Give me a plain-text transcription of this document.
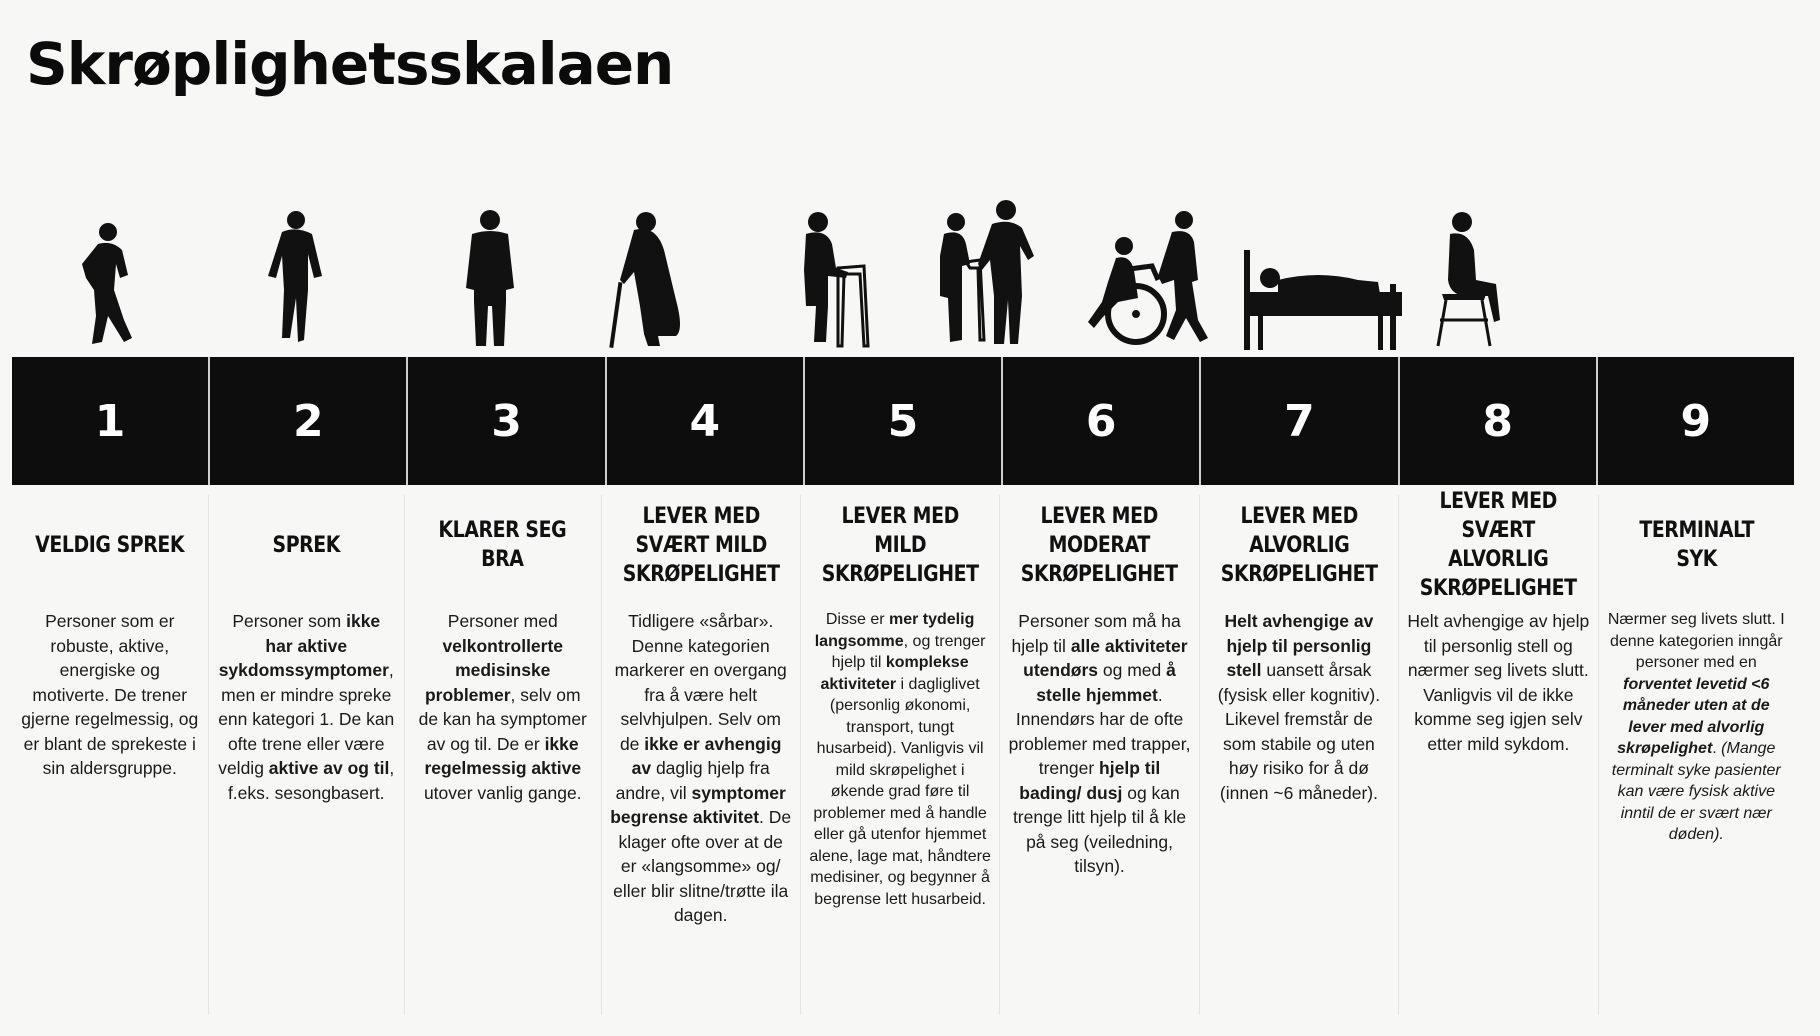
Skrøplighetsskalaen
1	2	3	4	5	6	7	8	9
VELDIG SPREK
Personer som er robuste, aktive, energiske og motiverte. De trener gjerne regelmessig, og er blant de sprekeste i sin aldersgruppe.
SPREK
Personer som ikke har aktive sykdomssymptomer, men er mindre spreke enn kategori 1. De kan ofte trene eller være veldig aktive av og til, f.eks. sesongbasert.
KLARER SEG
BRA
Personer med velkontrollerte medisinske problemer, selv om de kan ha symptomer av og til. De er ikke regelmessig aktive utover vanlig gange.
LEVER MED
SVÆRT MILD
SKRØPELIGHET
Tidligere «sårbar». Denne kategorien markerer en overgang fra å være helt selvhjulpen. Selv om de ikke er avhengig av daglig hjelp fra andre, vil symptomer begrense aktivitet. De klager ofte over at de er «langsomme» og/ eller blir slitne/trøtte ila dagen.
LEVER MED MILD
SKRØPELIGHET
Disse er mer tydelig langsomme, og trenger hjelp til komplekse aktiviteter i dagliglivet (personlig økonomi, transport, tungt husarbeid). Vanligvis vil mild skrøpelighet i økende grad føre til problemer med å handle eller gå utenfor hjemmet alene, lage mat, håndtere medisiner, og begynner å begrense lett husarbeid.
LEVER MED
MODERAT
SKRØPELIGHET
Personer som må ha hjelp til alle aktiviteter utendørs og med å stelle hjemmet. Innendørs har de ofte problemer med trapper, trenger hjelp til bading/ dusj og kan trenge litt hjelp til å kle på seg (veiledning, tilsyn).
LEVER MED
ALVORLIG
SKRØPELIGHET
Helt avhengige av hjelp til personlig stell uansett årsak (fysisk eller kognitiv). Likevel fremstår de som stabile og uten høy risiko for å dø (innen ~6 måneder).
LEVER MED
SVÆRT ALVORLIG
SKRØPELIGHET
Helt avhengige av hjelp til personlig stell og nærmer seg livets slutt. Vanligvis vil de ikke komme seg igjen selv etter mild sykdom.
TERMINALT
SYK
Nærmer seg livets slutt. I denne kategorien inngår personer med en forventet levetid <6 måneder uten at de lever med alvorlig skrøpelighet. (Mange terminalt syke pasienter kan være fysisk aktive inntil de er svært nær døden).
